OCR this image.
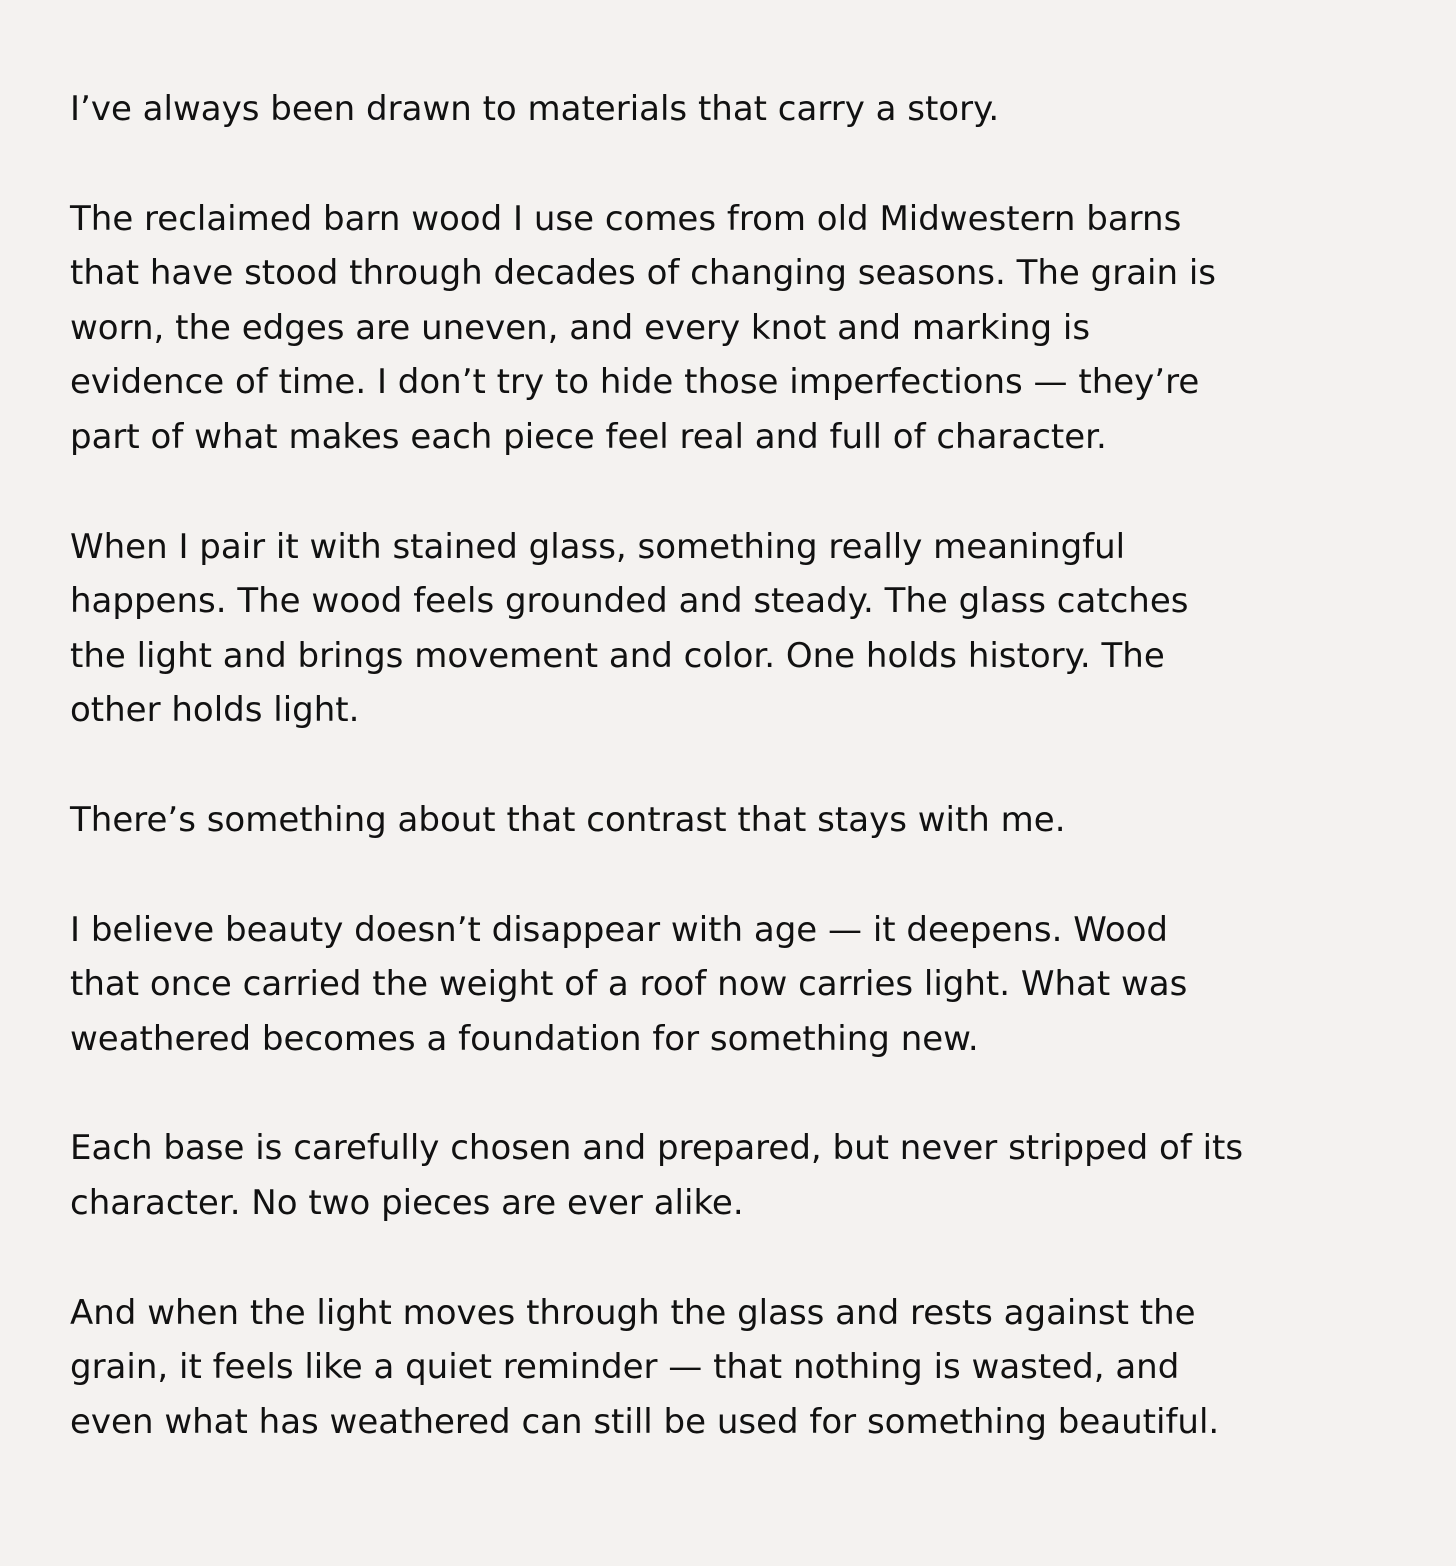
I’ve always been drawn to materials that carry a story.

The reclaimed barn wood I use comes from old Midwestern barns
that have stood through decades of changing seasons. The grain is
worn, the edges are uneven, and every knot and marking is
evidence of time. I don’t try to hide those imperfections — they’re
part of what makes each piece feel real and full of character.

When I pair it with stained glass, something really meaningful
happens. The wood feels grounded and steady. The glass catches
the light and brings movement and color. One holds history. The
other holds light.

There’s something about that contrast that stays with me.

I believe beauty doesn’t disappear with age — it deepens. Wood
that once carried the weight of a roof now carries light. What was
weathered becomes a foundation for something new.

Each base is carefully chosen and prepared, but never stripped of its
character. No two pieces are ever alike.

And when the light moves through the glass and rests against the
grain, it feels like a quiet reminder — that nothing is wasted, and
even what has weathered can still be used for something beautiful.
